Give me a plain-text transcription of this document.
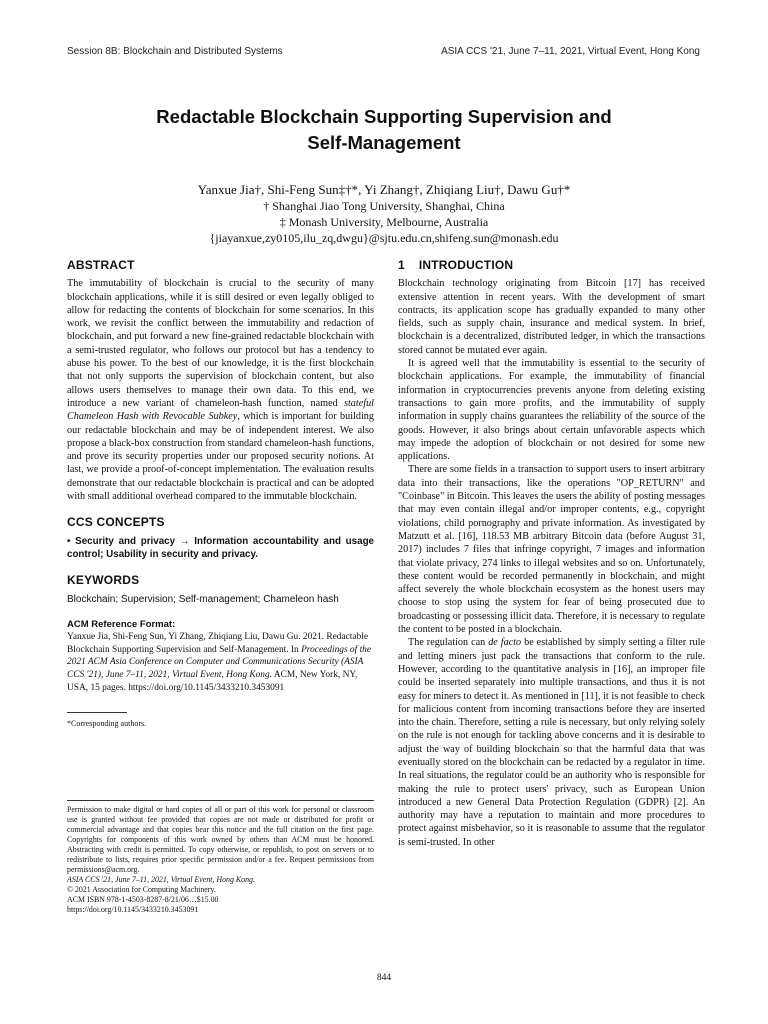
Session 8B: Blockchain and Distributed Systems	ASIA CCS '21, June 7–11, 2021, Virtual Event, Hong Kong
Redactable Blockchain Supporting Supervision and
Self-Management
Yanxue Jia†, Shi-Feng Sun‡†*, Yi Zhang†, Zhiqiang Liu†, Dawu Gu†*
† Shanghai Jiao Tong University, Shanghai, China
‡ Monash University, Melbourne, Australia
{jiayanxue,zy0105,ilu_zq,dwgu}@sjtu.edu.cn,shifeng.sun@monash.edu
ABSTRACT

The immutability of blockchain is crucial to the security of many blockchain applications, while it is still desired or even legally obliged to allow for redacting the contents of blockchain for some scenarios. In this work, we revisit the conflict between the immutability and redaction of blockchain, and put forward a new fine-grained redactable blockchain with a semi-trusted regulator, who follows our protocol but has a tendency to abuse his power. To the best of our knowledge, it is the first blockchain that not only supports the supervision of blockchain content, but also allows users themselves to manage their own data. To this end, we introduce a new variant of chameleon-hash function, named stateful Chameleon Hash with Revocable Subkey, which is important for building our redactable blockchain and may be of independent interest. We also propose a black-box construction from standard chameleon-hash functions, and prove its security properties under our proposed security notions. At last, we provide a proof-of-concept implementation. The evaluation results demonstrate that our redactable blockchain is practical and can be adopted with small additional overhead compared to the immutable blockchain.

CCS CONCEPTS

• Security and privacy → Information accountability and usage control; Usability in security and privacy.

KEYWORDS

Blockchain; Supervision; Self-management; Chameleon hash

ACM Reference Format:

Yanxue Jia, Shi-Feng Sun, Yi Zhang, Zhiqiang Liu, Dawu Gu. 2021. Redactable Blockchain Supporting Supervision and Self-Management. In Proceedings of the 2021 ACM Asia Conference on Computer and Communications Security (ASIA CCS '21), June 7–11, 2021, Virtual Event, Hong Kong. ACM, New York, NY, USA, 15 pages. https://doi.org/10.1145/3433210.3453091

*Corresponding authors.

Permission to make digital or hard copies of all or part of this work for personal or classroom use is granted without fee provided that copies are not made or distributed for profit or commercial advantage and that copies bear this notice and the full citation on the first page. Copyrights for components of this work owned by others than ACM must be honored. Abstracting with credit is permitted. To copy otherwise, or republish, to post on servers or to redistribute to lists, requires prior specific permission and/or a fee. Request permissions from permissions@acm.org.

ASIA CCS '21, June 7–11, 2021, Virtual Event, Hong Kong.

© 2021 Association for Computing Machinery.

ACM ISBN 978-1-4503-8287-8/21/06…$15.00

https://doi.org/10.1145/3433210.3453091

1 INTRODUCTION

Blockchain technology originating from Bitcoin [17] has received extensive attention in recent years. With the development of smart contracts, its application scope has gradually expanded to many other fields, such as supply chain, insurance and medical system. In brief, blockchain is a decentralized, distributed ledger, in which the transactions stored cannot be mutated ever again.

It is agreed well that the immutability is essential to the security of blockchain applications. For example, the immutability of financial information in cryptocurrencies prevents anyone from deleting existing transactions to gain more profits, and the immutability of supply information in supply chains guarantees the reliability of the source of the goods. However, it also brings about certain unfavorable aspects which may impede the adoption of blockchain or not desired for some new applications.

There are some fields in a transaction to support users to insert arbitrary data into their transactions, like the operations "OP_RETURN" and "Coinbase" in Bitcoin. This leaves the users the ability of posting messages that may even contain illegal and/or improper contents, e.g., copyright violations, child pornography and private information. As investigated by Matzutt et al. [16], 118.53 MB arbitrary Bitcoin data (before August 31, 2017) includes 7 files that infringe copyright, 7 images and information that violate privacy, 274 links to illegal websites and so on. Unfortunately, these content would be recorded permanently in blockchain, and might affect severely the whole blockchain ecosystem as the honest users may choose to stop using the system for fear of being prosecuted due to broadcasting or possessing illicit data. Therefore, it is necessary to regulate the content to be posted in a blockchain.

The regulation can de facto be established by simply setting a filter rule and letting miners just pack the transactions that conform to the rule. However, according to the quantitative analysis in [16], an improper file could be inserted separately into multiple transactions, and thus it is not easy for miners to detect it. As mentioned in [11], it is not feasible to check for malicious content from incoming transactions before they are inserted into the chain. Therefore, setting a rule is necessary, but only relying solely on the rule is not enough for tackling above concerns and it is desirable to adjust the way of building blockchain so that the harmful data that was eventually stored on the blockchain can be redacted by a regulator in time. In real situations, the regulator could be an authority who is responsible for making the rule to protect users' privacy, such as European Union introduced a new General Data Protection Regulation (GDPR) [2]. An authority may have a reputation to maintain and more procedures to protect against misbehavior, so it is reasonable to assume that the regulator is semi-trusted. In other

844
